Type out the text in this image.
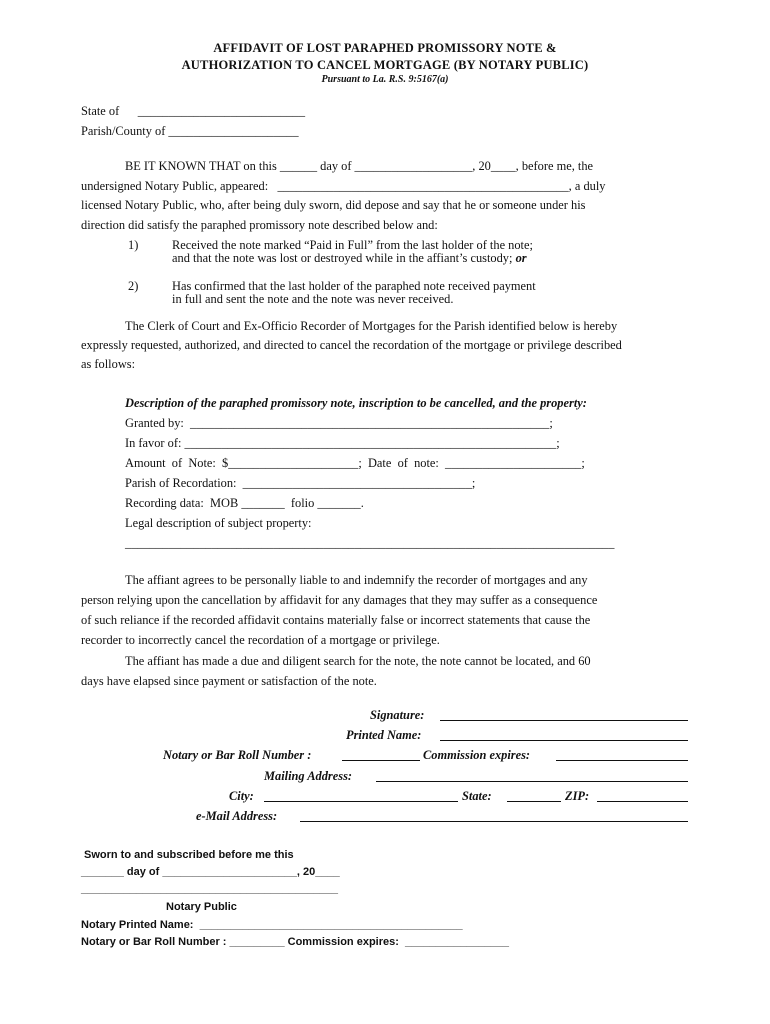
AFFIDAVIT OF LOST PARAPHED PROMISSORY NOTE &
AUTHORIZATION TO CANCEL MORTGAGE (BY NOTARY PUBLIC)
Pursuant to La. R.S. 9:5167(a)
State of      ___________________________
Parish/County of _____________________
BE IT KNOWN THAT on this ______ day of ___________________, 20____, before me, the
undersigned Notary Public, appeared:   _______________________________________________, a duly
licensed Notary Public, who, after being duly sworn, did depose and say that he or someone under his
direction did satisfy the paraphed promissory note described below and:
1)	Received the note marked “Paid in Full” from the last holder of the note;
and that the note was lost or destroyed while in the affiant’s custody; or
2)	Has confirmed that the last holder of the paraphed note received payment
in full and sent the note and the note was never received.
The Clerk of Court and Ex-Officio Recorder of Mortgages for the Parish identified below is hereby
expressly requested, authorized, and directed to cancel the recordation of the mortgage or privilege described
as follows:
Description of the paraphed promissory note, inscription to be cancelled, and the property:
Granted by:  __________________________________________________________;
In favor of: ____________________________________________________________;
Amount  of  Note:  $_____________________;  Date  of  note:  ______________________;
Parish of Recordation:  _____________________________________;
Recording data:  MOB _______  folio _______.
Legal description of subject property:
_______________________________________________________________________________
The affiant agrees to be personally liable to and indemnify the recorder of mortgages and any
person relying upon the cancellation by affidavit for any damages that they may suffer as a consequence
of such reliance if the recorded affidavit contains materially false or incorrect statements that cause the
recorder to incorrectly cancel the recordation of a mortgage or privilege.
The affiant has made a due and diligent search for the note, the note cannot be located, and 60
days have elapsed since payment or satisfaction of the note.
Signature:
Printed Name:
Notary or Bar Roll Number :	Commission expires:
Mailing Address:
City:	State:	ZIP:
e-Mail Address:
Sworn to and subscribed before me this
_______ day of ______________________, 20____
__________________________________________
Notary Public
Notary Printed Name:  ___________________________________________
Notary or Bar Roll Number : _________ Commission expires:  _________________
